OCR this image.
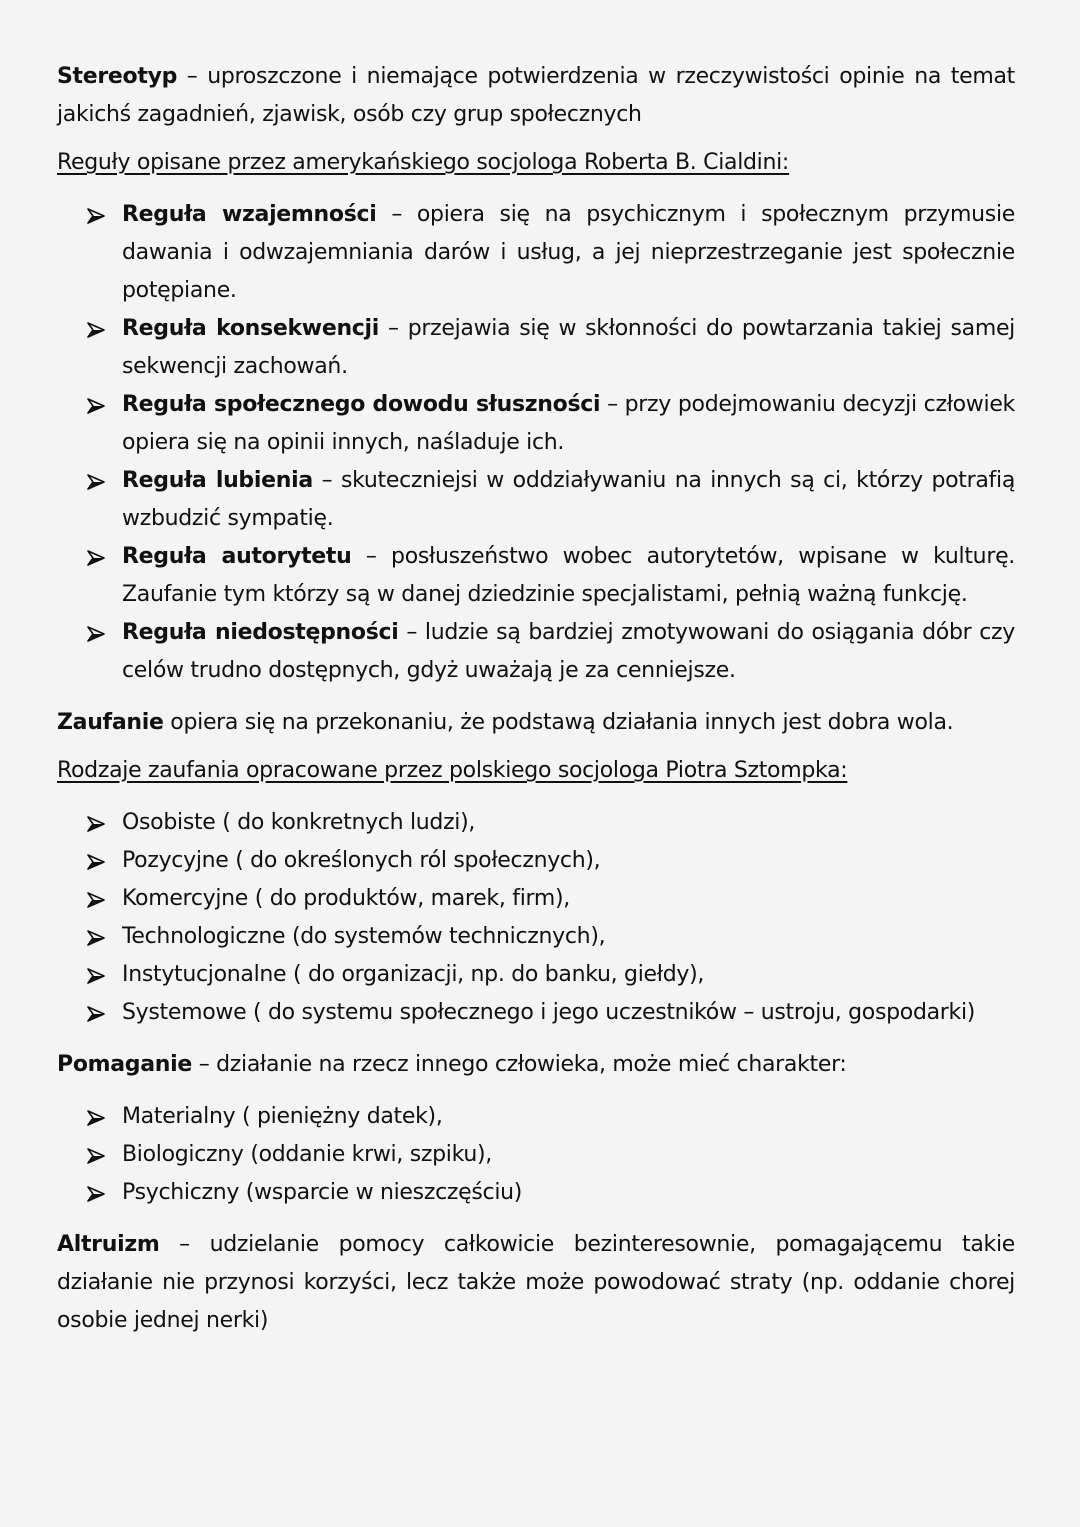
Stereotyp – uproszczone i niemające potwierdzenia w rzeczywistości opinie na temat jakichś zagadnień, zjawisk, osób czy grup społecznych

Reguły opisane przez amerykańskiego socjologa Roberta B. Cialdini:

Reguła wzajemności – opiera się na psychicznym i społecznym przymusie dawania i odwzajemniania darów i usług, a jej nieprzestrzeganie jest społecznie potępiane.
Reguła konsekwencji – przejawia się w skłonności do powtarzania takiej samej sekwencji zachowań.
Reguła społecznego dowodu słuszności – przy podejmowaniu decyzji człowiek opiera się na opinii innych, naśladuje ich.
Reguła lubienia – skuteczniejsi w oddziaływaniu na innych są ci, którzy potrafią wzbudzić sympatię.
Reguła autorytetu – posłuszeństwo wobec autorytetów, wpisane w kulturę. Zaufanie tym którzy są w danej dziedzinie specjalistami, pełnią ważną funkcję.
Reguła niedostępności – ludzie są bardziej zmotywowani do osiągania dóbr czy celów trudno dostępnych, gdyż uważają je za cenniejsze.

Zaufanie opiera się na przekonaniu, że podstawą działania innych jest dobra wola.

Rodzaje zaufania opracowane przez polskiego socjologa Piotra Sztompka:

Osobiste ( do konkretnych ludzi),
Pozycyjne ( do określonych ról społecznych),
Komercyjne ( do produktów, marek, firm),
Technologiczne (do systemów technicznych),
Instytucjonalne ( do organizacji, np. do banku, giełdy),
Systemowe ( do systemu społecznego i jego uczestników – ustroju, gospodarki)

Pomaganie – działanie na rzecz innego człowieka, może mieć charakter:

Materialny ( pieniężny datek),
Biologiczny (oddanie krwi, szpiku),
Psychiczny (wsparcie w nieszczęściu)

Altruizm – udzielanie pomocy całkowicie bezinteresownie, pomagającemu takie działanie nie przynosi korzyści, lecz także może powodować straty (np. oddanie chorej osobie jednej nerki)
